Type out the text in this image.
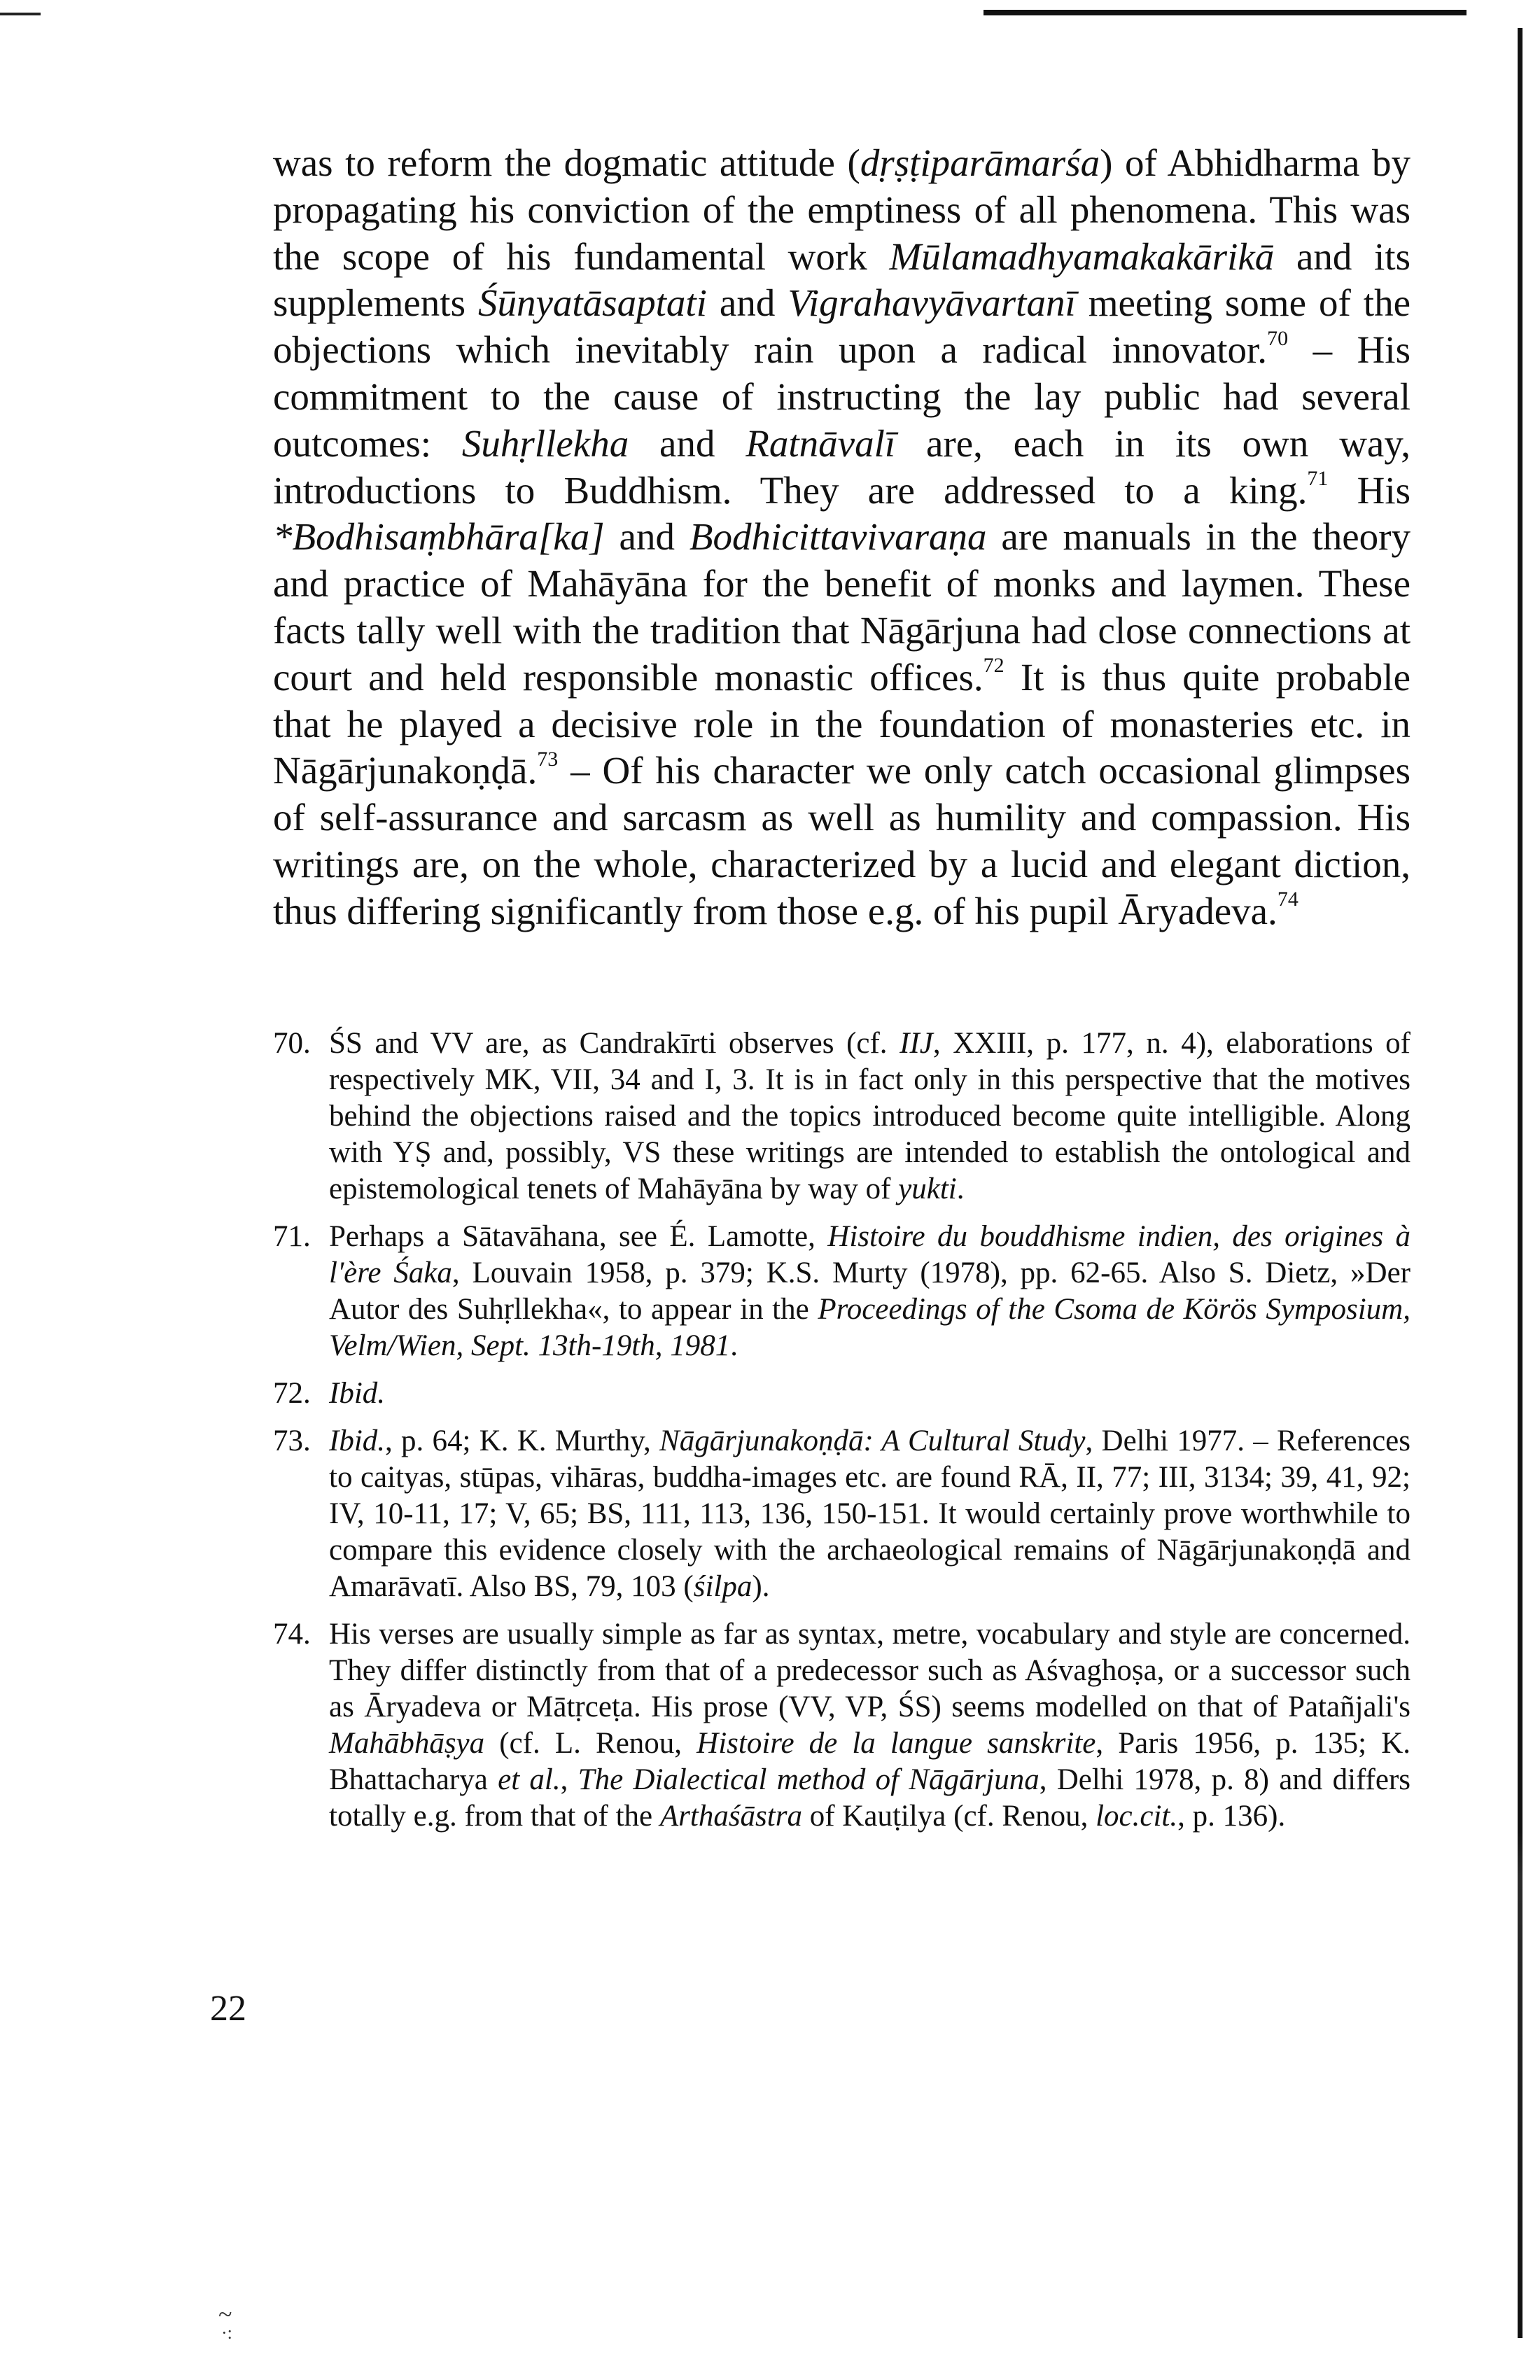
was to reform the dogmatic attitude (dṛṣṭiparāmarśa) of Abhidharma by propagating his conviction of the emptiness of all phenomena. This was the scope of his fundamental work Mūlamadhyamakakārikā and its supplements Śūnyatāsaptati and Vigrahavyāvartanī meeting some of the objections which inevitably rain upon a radical innovator.$^{70}$ – His commitment to the cause of instructing the lay public had several outcomes: Suhṛllekha and Ratnāvalī are, each in its own way, introductions to Buddhism. They are addressed to a king.$^{71}$ His *Bodhisaṃbhāra[ka] and Bodhicittavivaraṇa are manuals in the theory and practice of Mahāyāna for the benefit of monks and laymen. These facts tally well with the tradition that Nāgārjuna had close connections at court and held responsible monastic offices.$^{72}$ It is thus quite probable that he played a decisive role in the foundation of monasteries etc. in Nāgārjunakoṇḍā.$^{73}$ – Of his character we only catch occasional glimpses of self-assurance and sarcasm as well as humility and compassion. His writings are, on the whole, characterized by a lucid and elegant diction, thus differing significantly from those e.g. of his pupil Āryadeva.$^{74}$

70. ŚS and VV are, as Candrakīrti observes (cf. IIJ, XXIII, p. 177, n. 4), elaborations of respectively MK, VII, 34 and I, 3. It is in fact only in this perspective that the motives behind the objections raised and the topics introduced become quite intelligible. Along with YṢ and, possibly, VS these writings are intended to establish the ontological and epistemological tenets of Mahāyāna by way of yukti.
71. Perhaps a Sātavāhana, see É. Lamotte, Histoire du bouddhisme indien, des origines à l'ère Śaka, Louvain 1958, p. 379; K.S. Murty (1978), pp. 62-65. Also S. Dietz, »Der Autor des Suhṛllekha«, to appear in the Proceedings of the Csoma de Körös Symposium, Velm/Wien, Sept. 13th-19th, 1981.
72. Ibid.
73. Ibid., p. 64; K. K. Murthy, Nāgārjunakoṇḍā: A Cultural Study, Delhi 1977. – References to caityas, stūpas, vihāras, buddha-images etc. are found RĀ, II, 77; III, 3134; 39, 41, 92; IV, 10-11, 17; V, 65; BS, 111, 113, 136, 150-151. It would certainly prove worthwhile to compare this evidence closely with the archaeological remains of Nāgārjunakoṇḍā and Amarāvatī. Also BS, 79, 103 (śilpa).
74. His verses are usually simple as far as syntax, metre, vocabulary and style are concerned. They differ distinctly from that of a predecessor such as Aśvaghoṣa, or a successor such as Āryadeva or Mātṛceṭa. His prose (VV, VP, ŚS) seems modelled on that of Patañjali's Mahābhāṣya (cf. L. Renou, Histoire de la langue sanskrite, Paris 1956, p. 135; K. Bhattacharya et al., The Dialectical method of Nāgārjuna, Delhi 1978, p. 8) and differs totally e.g. from that of the Arthaśāstra of Kauṭilya (cf. Renou, loc.cit., p. 136).
22
~
·:
